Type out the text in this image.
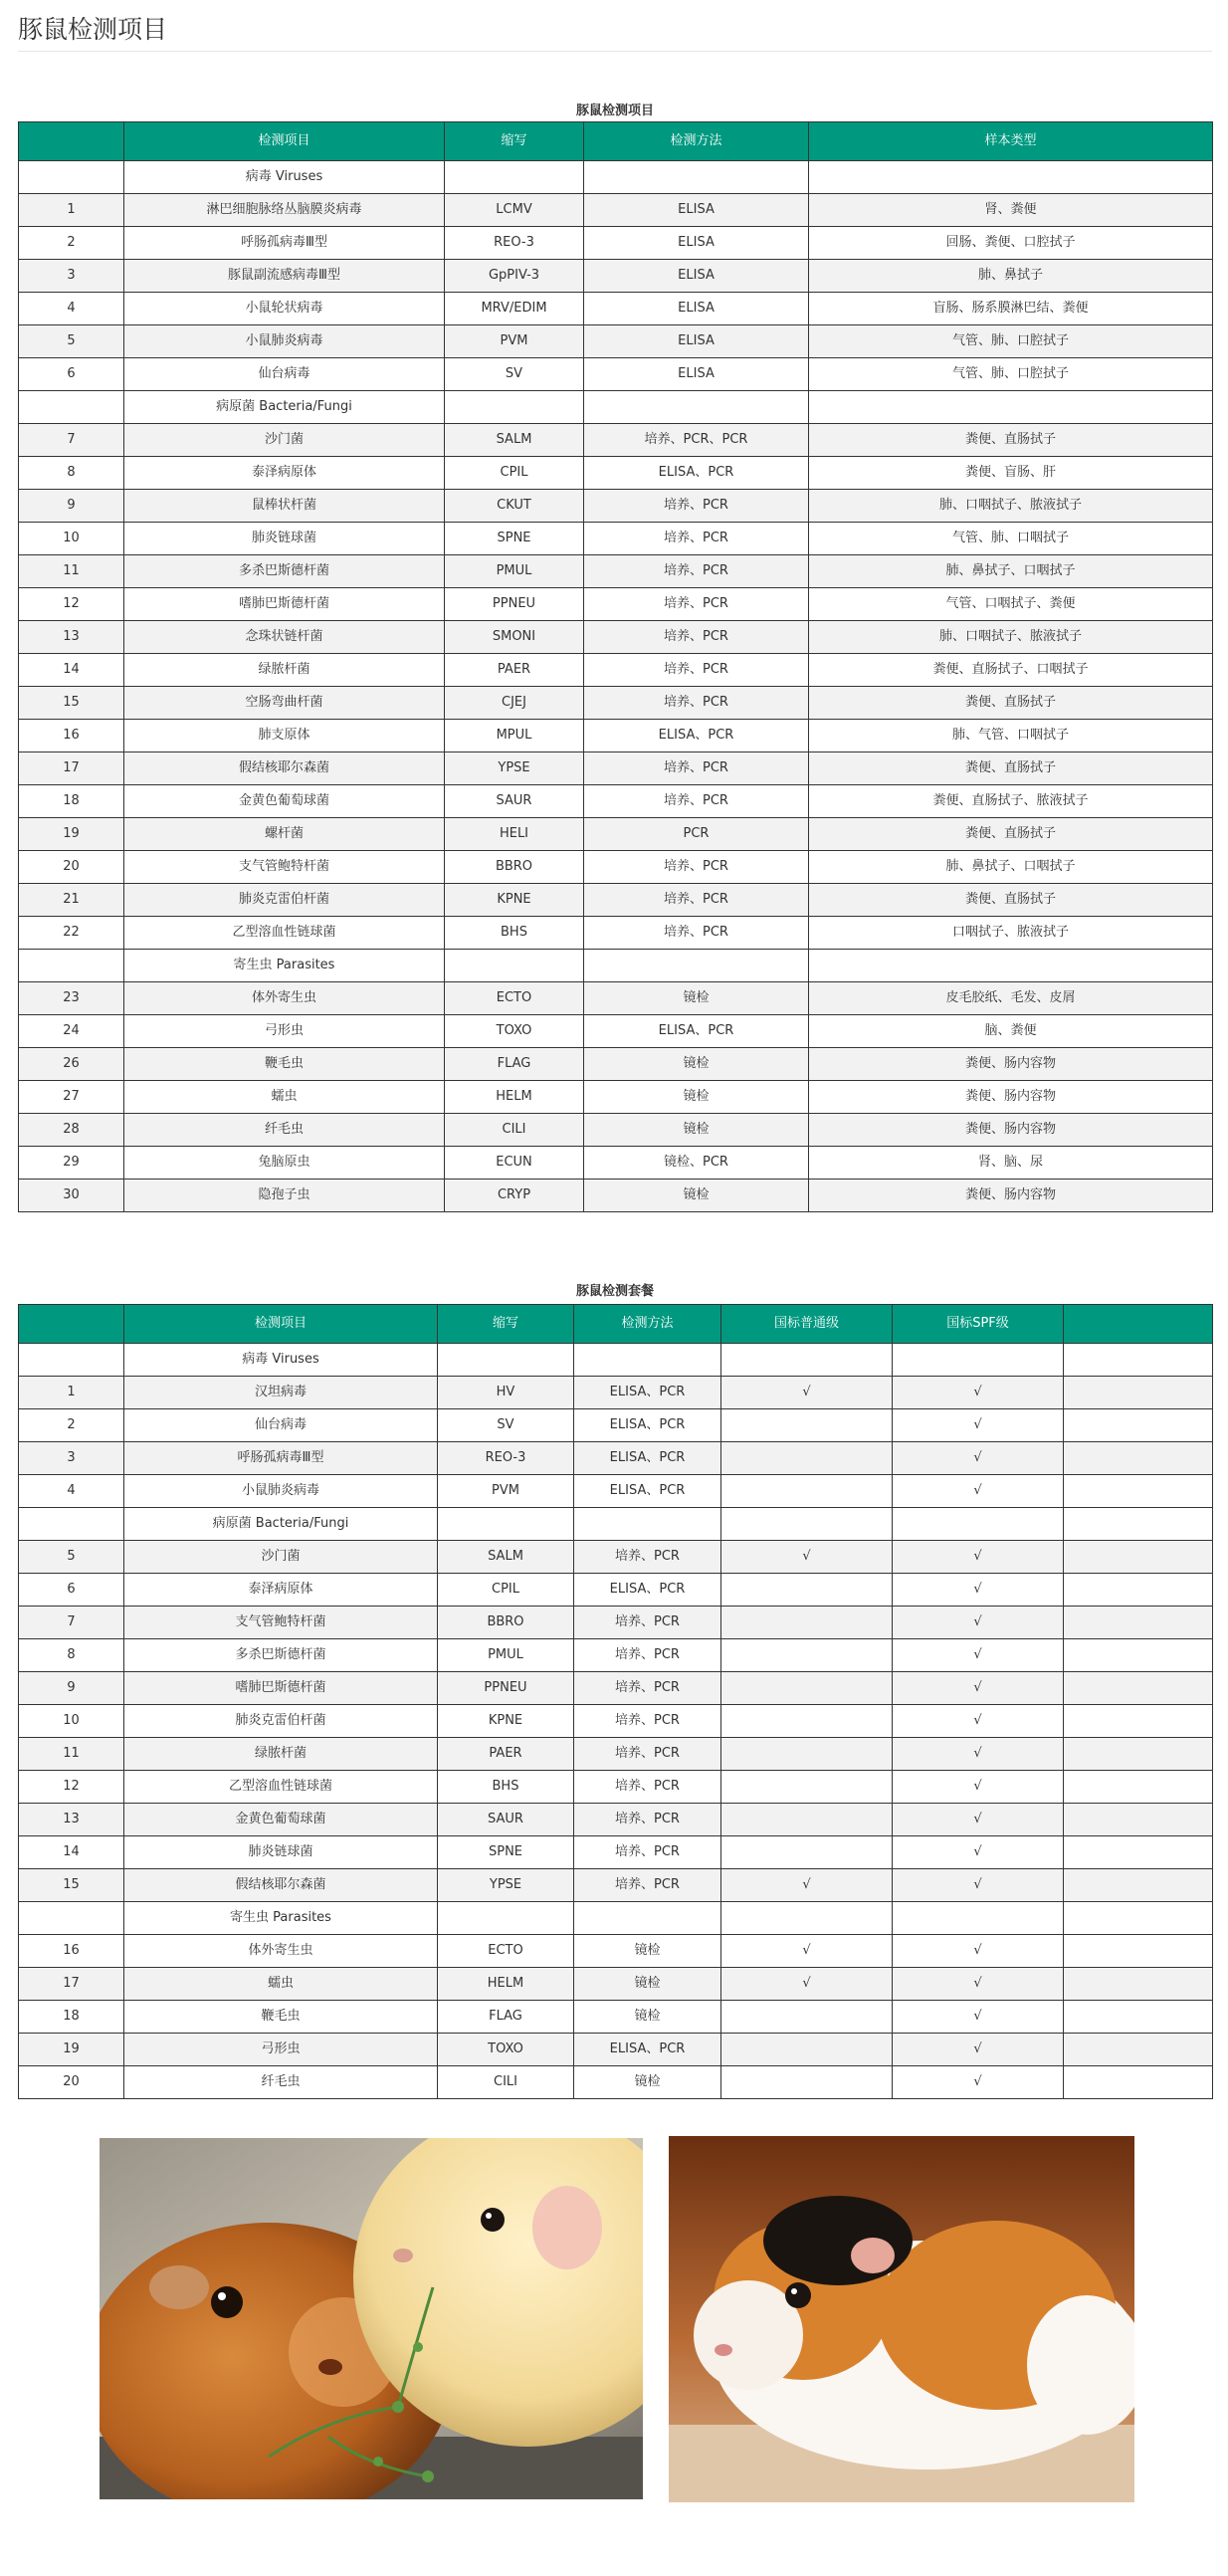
豚鼠检测项目
豚鼠检测项目
	检测项目	缩写	检测方法	样本类型
	病毒 Viruses			
1	淋巴细胞脉络丛脑膜炎病毒	LCMV	ELISA	肾、粪便
2	呼肠孤病毒Ⅲ型	REO-3	ELISA	回肠、粪便、口腔拭子
3	豚鼠副流感病毒Ⅲ型	GpPIV-3	ELISA	肺、鼻拭子
4	小鼠轮状病毒	MRV/EDIM	ELISA	盲肠、肠系膜淋巴结、粪便
5	小鼠肺炎病毒	PVM	ELISA	气管、肺、口腔拭子
6	仙台病毒	SV	ELISA	气管、肺、口腔拭子
	病原菌 Bacteria/Fungi			
7	沙门菌	SALM	培养、PCR、PCR	粪便、直肠拭子
8	泰泽病原体	CPIL	ELISA、PCR	粪便、盲肠、肝
9	鼠棒状杆菌	CKUT	培养、PCR	肺、口咽拭子、脓液拭子
10	肺炎链球菌	SPNE	培养、PCR	气管、肺、口咽拭子
11	多杀巴斯德杆菌	PMUL	培养、PCR	肺、鼻拭子、口咽拭子
12	嗜肺巴斯德杆菌	PPNEU	培养、PCR	气管、口咽拭子、粪便
13	念珠状链杆菌	SMONI	培养、PCR	肺、口咽拭子、脓液拭子
14	绿脓杆菌	PAER	培养、PCR	粪便、直肠拭子、口咽拭子
15	空肠弯曲杆菌	CJEJ	培养、PCR	粪便、直肠拭子
16	肺支原体	MPUL	ELISA、PCR	肺、气管、口咽拭子
17	假结核耶尔森菌	YPSE	培养、PCR	粪便、直肠拭子
18	金黄色葡萄球菌	SAUR	培养、PCR	粪便、直肠拭子、脓液拭子
19	螺杆菌	HELI	PCR	粪便、直肠拭子
20	支气管鲍特杆菌	BBRO	培养、PCR	肺、鼻拭子、口咽拭子
21	肺炎克雷伯杆菌	KPNE	培养、PCR	粪便、直肠拭子
22	乙型溶血性链球菌	BHS	培养、PCR	口咽拭子、脓液拭子
	寄生虫 Parasites			
23	体外寄生虫	ECTO	镜检	皮毛胶纸、毛发、皮屑
24	弓形虫	TOXO	ELISA、PCR	脑、粪便
26	鞭毛虫	FLAG	镜检	粪便、肠内容物
27	蠕虫	HELM	镜检	粪便、肠内容物
28	纤毛虫	CILI	镜检	粪便、肠内容物
29	兔脑原虫	ECUN	镜检、PCR	肾、脑、尿
30	隐孢子虫	CRYP	镜检	粪便、肠内容物
豚鼠检测套餐
	检测项目	缩写	检测方法	国标普通级	国标SPF级	
	病毒 Viruses					
1	汉坦病毒	HV	ELISA、PCR	√	√	
2	仙台病毒	SV	ELISA、PCR		√	
3	呼肠孤病毒Ⅲ型	REO-3	ELISA、PCR		√	
4	小鼠肺炎病毒	PVM	ELISA、PCR		√	
	病原菌 Bacteria/Fungi					
5	沙门菌	SALM	培养、PCR	√	√	
6	泰泽病原体	CPIL	ELISA、PCR		√	
7	支气管鲍特杆菌	BBRO	培养、PCR		√	
8	多杀巴斯德杆菌	PMUL	培养、PCR		√	
9	嗜肺巴斯德杆菌	PPNEU	培养、PCR		√	
10	肺炎克雷伯杆菌	KPNE	培养、PCR		√	
11	绿脓杆菌	PAER	培养、PCR		√	
12	乙型溶血性链球菌	BHS	培养、PCR		√	
13	金黄色葡萄球菌	SAUR	培养、PCR		√	
14	肺炎链球菌	SPNE	培养、PCR		√	
15	假结核耶尔森菌	YPSE	培养、PCR	√	√	
	寄生虫 Parasites					
16	体外寄生虫	ECTO	镜检	√	√	
17	蠕虫	HELM	镜检	√	√	
18	鞭毛虫	FLAG	镜检		√	
19	弓形虫	TOXO	ELISA、PCR		√	
20	纤毛虫	CILI	镜检		√	
